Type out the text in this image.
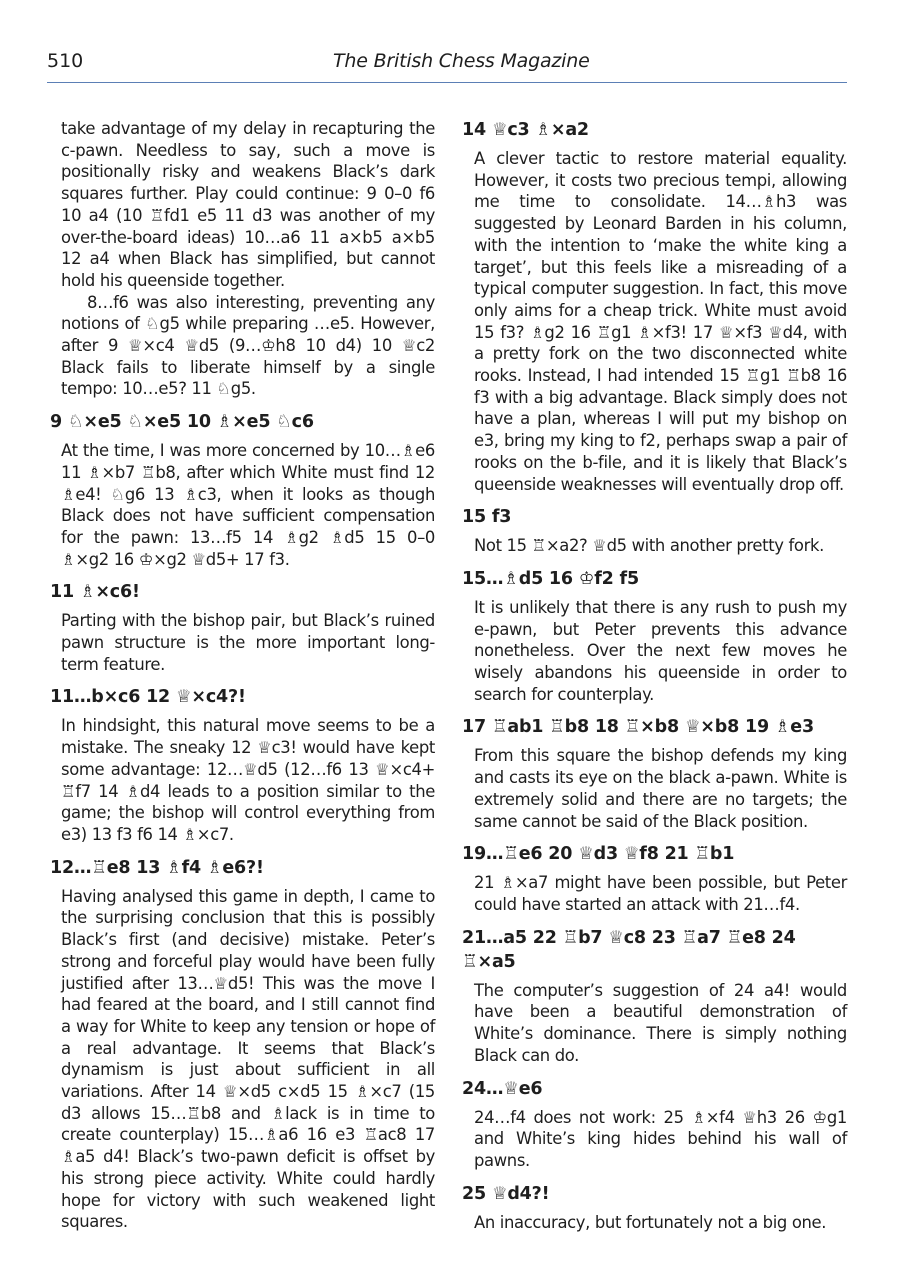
510	The British Chess Magazine

take advantage of my delay in recapturing the c-pawn. Needless to say, such a move is positionally risky and weakens Black’s dark squares further. Play could continue: 9 0–0 f6 10 a4 (10 ♖fd1 e5 11 d3 was another of my over-the-board ideas) 10…a6 11 a×b5 a×b5 12 a4 when Black has simplified, but cannot hold his queenside together.

8…f6 was also interesting, preventing any notions of ♘g5 while preparing …e5. However, after 9 ♕×c4 ♕d5 (9…♔h8 10 d4) 10 ♕c2 Black fails to liberate himself by a single tempo: 10…e5? 11 ♘g5.

9 ♘×e5 ♘×e5 10 ♗×e5 ♘c6

At the time, I was more concerned by 10…♗e6 11 ♗×b7 ♖b8, after which White must find 12 ♗e4! ♘g6 13 ♗c3, when it looks as though Black does not have sufficient compensation for the pawn: 13…f5 14 ♗g2 ♗d5 15 0–0 ♗×g2 16 ♔×g2 ♕d5+ 17 f3.

11 ♗×c6!

Parting with the bishop pair, but Black’s ruined pawn structure is the more important long-term feature.

11…b×c6 12 ♕×c4?!

In hindsight, this natural move seems to be a mistake. The sneaky 12 ♕c3! would have kept some advantage: 12…♕d5 (12…f6 13 ♕×c4+ ♖f7 14 ♗d4 leads to a position similar to the game; the bishop will control everything from e3) 13 f3 f6 14 ♗×c7.

12…♖e8 13 ♗f4 ♗e6?!

Having analysed this game in depth, I came to the surprising conclusion that this is possibly Black’s first (and decisive) mistake. Peter’s strong and forceful play would have been fully justified after 13…♕d5! This was the move I had feared at the board, and I still cannot find a way for White to keep any tension or hope of a real advantage. It seems that Black’s dynamism is just about sufficient in all variations. After 14 ♕×d5 c×d5 15 ♗×c7 (15 d3 allows 15…♖b8 and ♗lack is in time to create counterplay) 15…♗a6 16 e3 ♖ac8 17 ♗a5 d4! Black’s two-pawn deficit is offset by his strong piece activity. White could hardly hope for victory with such weakened light squares.

14 ♕c3 ♗×a2

A clever tactic to restore material equality. However, it costs two precious tempi, allowing me time to consolidate. 14…♗h3 was suggested by Leonard Barden in his column, with the intention to ‘make the white king a target’, but this feels like a misreading of a typical computer suggestion. In fact, this move only aims for a cheap trick. White must avoid 15 f3? ♗g2 16 ♖g1 ♗×f3! 17 ♕×f3 ♕d4, with a pretty fork on the two disconnected white rooks. Instead, I had intended 15 ♖g1 ♖b8 16 f3 with a big advantage. Black simply does not have a plan, whereas I will put my bishop on e3, bring my king to f2, perhaps swap a pair of rooks on the b-file, and it is likely that Black’s queenside weaknesses will eventually drop off.

15 f3

Not 15 ♖×a2? ♕d5 with another pretty fork.

15…♗d5 16 ♔f2 f5

It is unlikely that there is any rush to push my e-pawn, but Peter prevents this advance nonetheless. Over the next few moves he wisely abandons his queenside in order to search for counterplay.

17 ♖ab1 ♖b8 18 ♖×b8 ♕×b8 19 ♗e3

From this square the bishop defends my king and casts its eye on the black a-pawn. White is extremely solid and there are no targets; the same cannot be said of the Black position.

19…♖e6 20 ♕d3 ♕f8 21 ♖b1

21 ♗×a7 might have been possible, but Peter could have started an attack with 21…f4.

21…a5 22 ♖b7 ♕c8 23 ♖a7 ♖e8 24 ♖×a5

The computer’s suggestion of 24 a4! would have been a beautiful demonstration of White’s dominance. There is simply nothing Black can do.

24…♕e6

24…f4 does not work: 25 ♗×f4 ♕h3 26 ♔g1 and White’s king hides behind his wall of pawns.

25 ♕d4?!

An inaccuracy, but fortunately not a big one.
